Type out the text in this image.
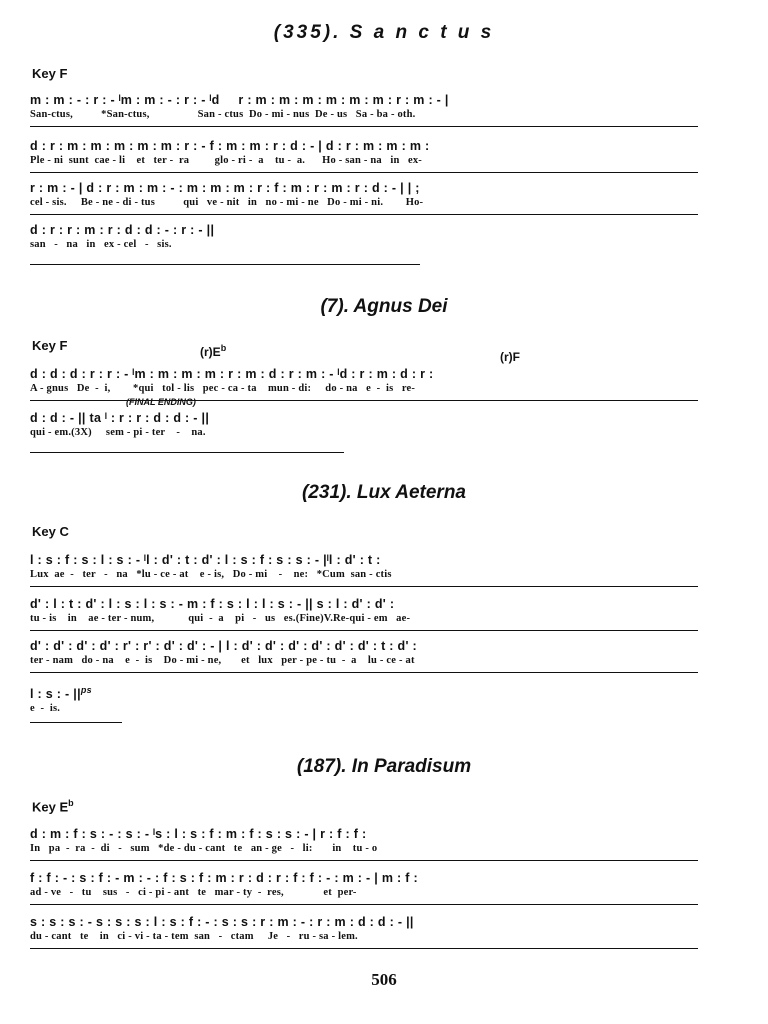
(335). S a n c t u s
Key F
m : m : - : r : - ˡm : m : - : r : - ˡd     r : m : m : m : m : m : m : r : m : - |
San-ctus,          *San-ctus,                 San - ctus  Do - mi - nus  De - us   Sa - ba - oth.
d : r : m : m : m : m : m : r : - f : m : m : r : d : - | d : r : m : m : m :
Ple - ni  sunt  cae - li    et   ter -  ra         glo - ri -  a    tu -  a.      Ho - san - na   in   ex-
r : m : - | d : r : m : m : - : m : m : m : r : f : m : r : m : r : d : - | | ;
cel - sis.     Be - ne - di - tus          qui   ve - nit   in   no - mi - ne   Do - mi - ni.        Ho-
d : r : r : m : r : d : d : - : r : - ||
san   -   na   in   ex - cel   -   sis.
(7). Agnus Dei
Key F	$(r)E^b$
(r)F
d : d : d : r : r : - ˡm : m : m : m : r : m : d : r : m : - ˡd : r : m : d : r :
A - gnus   De  -  i,        *qui   tol - lis   pec - ca - ta    mun - di:     do - na   e  -  is   re-
(FINAL ENDING)
d : d : - || ta ˡ : r : r : d : d : - ||
qui - em.(3X)     sem - pi - ter    -    na.
(231). Lux Aeterna
Key C
l : s : f : s : l : s : - ˡl : d' : t : d' : l : s : f : s : s : - |ˡl : d' : t :
Lux  ae  -   ter   -   na   *lu - ce - at    e - is,   Do - mi    -    ne:   *Cum  san - ctis
d' : l : t : d' : l : s : l : s : - m : f : s : l : l : s : - || s : l : d' : d' :
tu - is    in    ae - ter - num,            qui  -  a    pi   -   us   es.(Fine)V.Re-qui - em   ae-
d' : d' : d' : d' : r' : r' : d' : d' : - | l : d' : d' : d' : d' : d' : d' : t : d' :
ter - nam   do - na    e  -  is    Do - mi - ne,       et   lux   per - pe - tu  -  a    lu - ce - at
l : s : - $||^{ps}$
e  -  is.
(187). In Paradisum
Key $E^b$
d : m : f : s : - : s : - ˡs : l : s : f : m : f : s : s : - | r : f : f :
In   pa  -  ra  -  di   -   sum   *de - du - cant   te   an - ge   -   li:       in    tu - o
f : f : - : s : f : - m : - : f : s : f : m : r : d : r : f : f : - : m : - | m : f :
ad - ve   -   tu    sus   -   ci - pi - ant   te   mar - ty  -  res,              et  per-
s : s : s : - s : s : s : l : s : f : - : s : s : r : m : - : r : m : d : d : - ||
du - cant   te    in   ci - vi - ta - tem  san   -   ctam     Je   -   ru - sa - lem.
506
